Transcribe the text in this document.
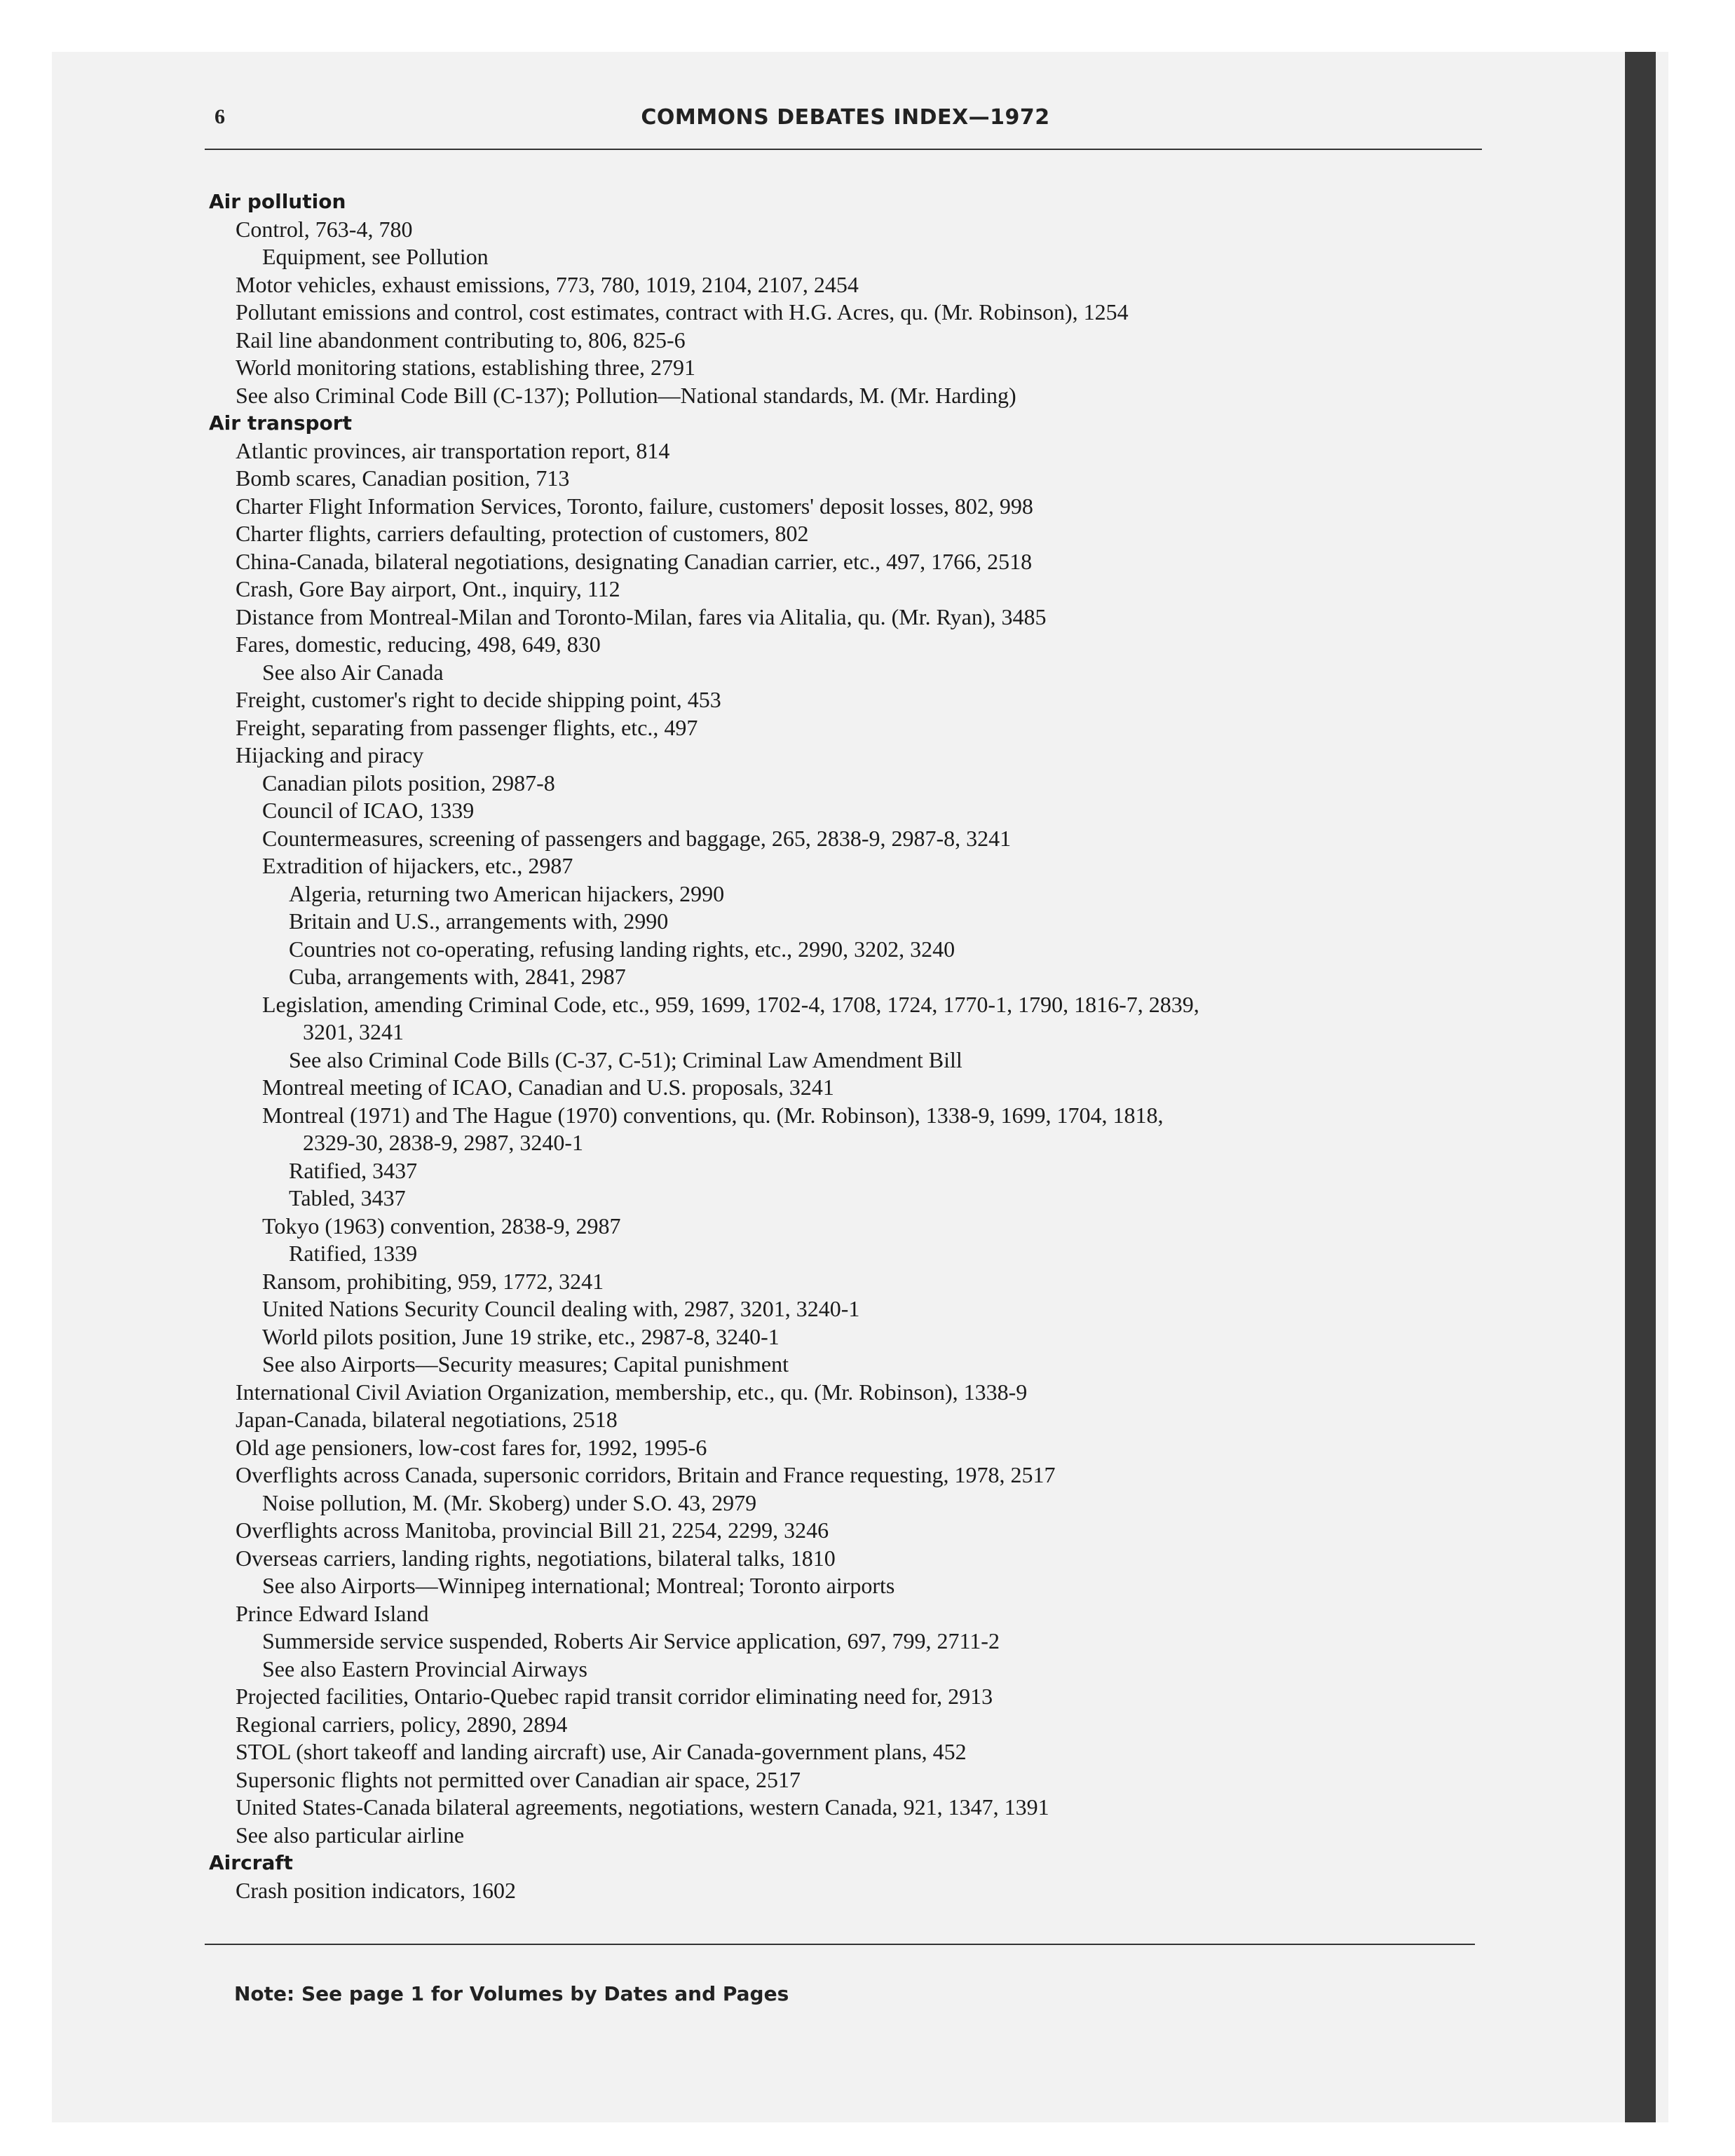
6	COMMONS DEBATES INDEX—1972
Air pollution
Control, 763-4, 780
Equipment, see Pollution
Motor vehicles, exhaust emissions, 773, 780, 1019, 2104, 2107, 2454
Pollutant emissions and control, cost estimates, contract with H.G. Acres, qu. (Mr. Robinson), 1254
Rail line abandonment contributing to, 806, 825-6
World monitoring stations, establishing three, 2791
See also Criminal Code Bill (C-137); Pollution—National standards, M. (Mr. Harding)
Air transport
Atlantic provinces, air transportation report, 814
Bomb scares, Canadian position, 713
Charter Flight Information Services, Toronto, failure, customers' deposit losses, 802, 998
Charter flights, carriers defaulting, protection of customers, 802
China-Canada, bilateral negotiations, designating Canadian carrier, etc., 497, 1766, 2518
Crash, Gore Bay airport, Ont., inquiry, 112
Distance from Montreal-Milan and Toronto-Milan, fares via Alitalia, qu. (Mr. Ryan), 3485
Fares, domestic, reducing, 498, 649, 830
See also Air Canada
Freight, customer's right to decide shipping point, 453
Freight, separating from passenger flights, etc., 497
Hijacking and piracy
Canadian pilots position, 2987-8
Council of ICAO, 1339
Countermeasures, screening of passengers and baggage, 265, 2838-9, 2987-8, 3241
Extradition of hijackers, etc., 2987
Algeria, returning two American hijackers, 2990
Britain and U.S., arrangements with, 2990
Countries not co-operating, refusing landing rights, etc., 2990, 3202, 3240
Cuba, arrangements with, 2841, 2987
Legislation, amending Criminal Code, etc., 959, 1699, 1702-4, 1708, 1724, 1770-1, 1790, 1816-7, 2839,
3201, 3241
See also Criminal Code Bills (C-37, C-51); Criminal Law Amendment Bill
Montreal meeting of ICAO, Canadian and U.S. proposals, 3241
Montreal (1971) and The Hague (1970) conventions, qu. (Mr. Robinson), 1338-9, 1699, 1704, 1818,
2329-30, 2838-9, 2987, 3240-1
Ratified, 3437
Tabled, 3437
Tokyo (1963) convention, 2838-9, 2987
Ratified, 1339
Ransom, prohibiting, 959, 1772, 3241
United Nations Security Council dealing with, 2987, 3201, 3240-1
World pilots position, June 19 strike, etc., 2987-8, 3240-1
See also Airports—Security measures; Capital punishment
International Civil Aviation Organization, membership, etc., qu. (Mr. Robinson), 1338-9
Japan-Canada, bilateral negotiations, 2518
Old age pensioners, low-cost fares for, 1992, 1995-6
Overflights across Canada, supersonic corridors, Britain and France requesting, 1978, 2517
Noise pollution, M. (Mr. Skoberg) under S.O. 43, 2979
Overflights across Manitoba, provincial Bill 21, 2254, 2299, 3246
Overseas carriers, landing rights, negotiations, bilateral talks, 1810
See also Airports—Winnipeg international; Montreal; Toronto airports
Prince Edward Island
Summerside service suspended, Roberts Air Service application, 697, 799, 2711-2
See also Eastern Provincial Airways
Projected facilities, Ontario-Quebec rapid transit corridor eliminating need for, 2913
Regional carriers, policy, 2890, 2894
STOL (short takeoff and landing aircraft) use, Air Canada-government plans, 452
Supersonic flights not permitted over Canadian air space, 2517
United States-Canada bilateral agreements, negotiations, western Canada, 921, 1347, 1391
See also particular airline
Aircraft
Crash position indicators, 1602
Note: See page 1 for Volumes by Dates and Pages
